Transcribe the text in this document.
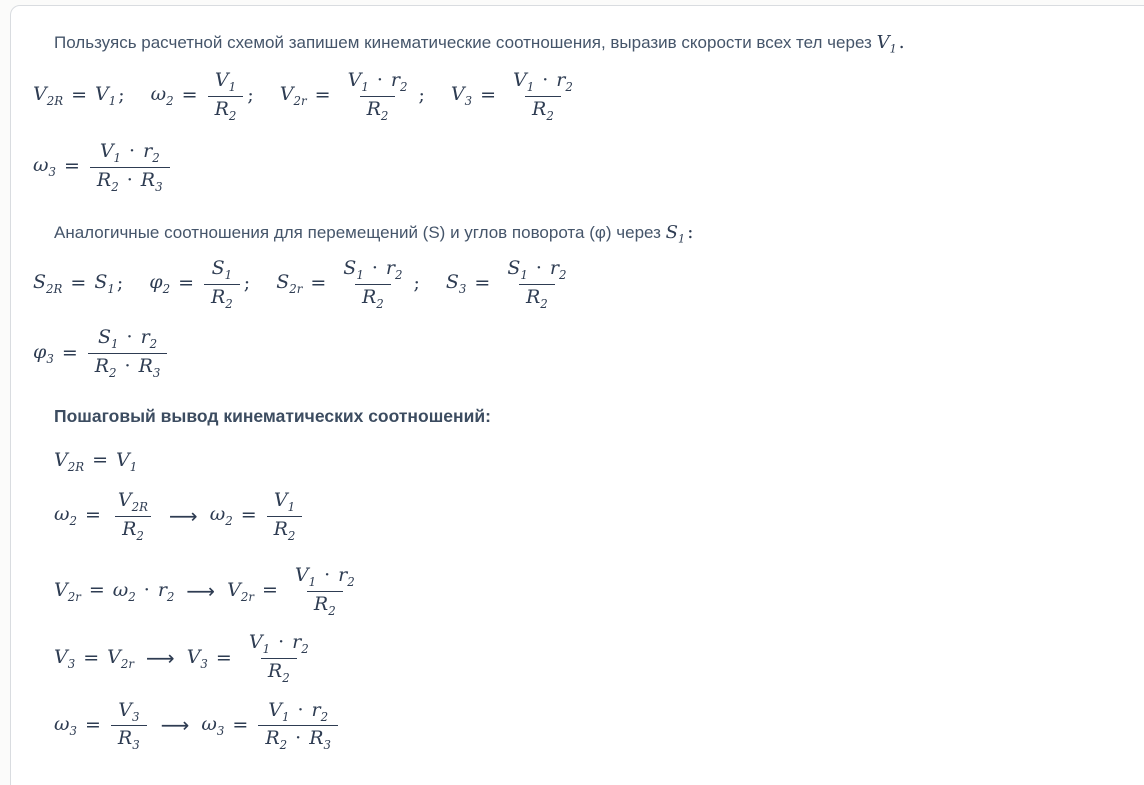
Пользуясь расчетной схемой запишем кинематические соотношения, выразив скорости всех тел через $V_1$ .
$V_{2R} = V_1$ ; $\omega_2 = \frac{V_1}{R_2}$ ; $V_{2r} = \frac{V_1 \cdot r_2}{R_2}$ ; $V_3 = \frac{V_1 \cdot r_2}{R_2}$
$\omega_3 = \frac{V_1 \cdot r_2}{R_2 \cdot R_3}$
Аналогичные соотношения для перемещений (S) и углов поворота (φ) через $S_1$ :
$S_{2R} = S_1$ ; $\varphi_2 = \frac{S_1}{R_2}$ ; $S_{2r} = \frac{S_1 \cdot r_2}{R_2}$ ; $S_3 = \frac{S_1 \cdot r_2}{R_2}$
$\varphi_3 = \frac{S_1 \cdot r_2}{R_2 \cdot R_3}$
Пошаговый вывод кинематических соотношений:
$V_{2R} = V_1$
$\omega_2 = \frac{V_{2R}}{R_2}$ ⟶ $\omega_2 = \frac{V_1}{R_2}$
$V_{2r} = \omega_2 \cdot r_2$ ⟶ $V_{2r} = \frac{V_1 \cdot r_2}{R_2}$
$V_3 = V_{2r}$ ⟶ $V_3 = \frac{V_1 \cdot r_2}{R_2}$
$\omega_3 = \frac{V_3}{R_3}$ ⟶ $\omega_3 = \frac{V_1 \cdot r_2}{R_2 \cdot R_3}$
